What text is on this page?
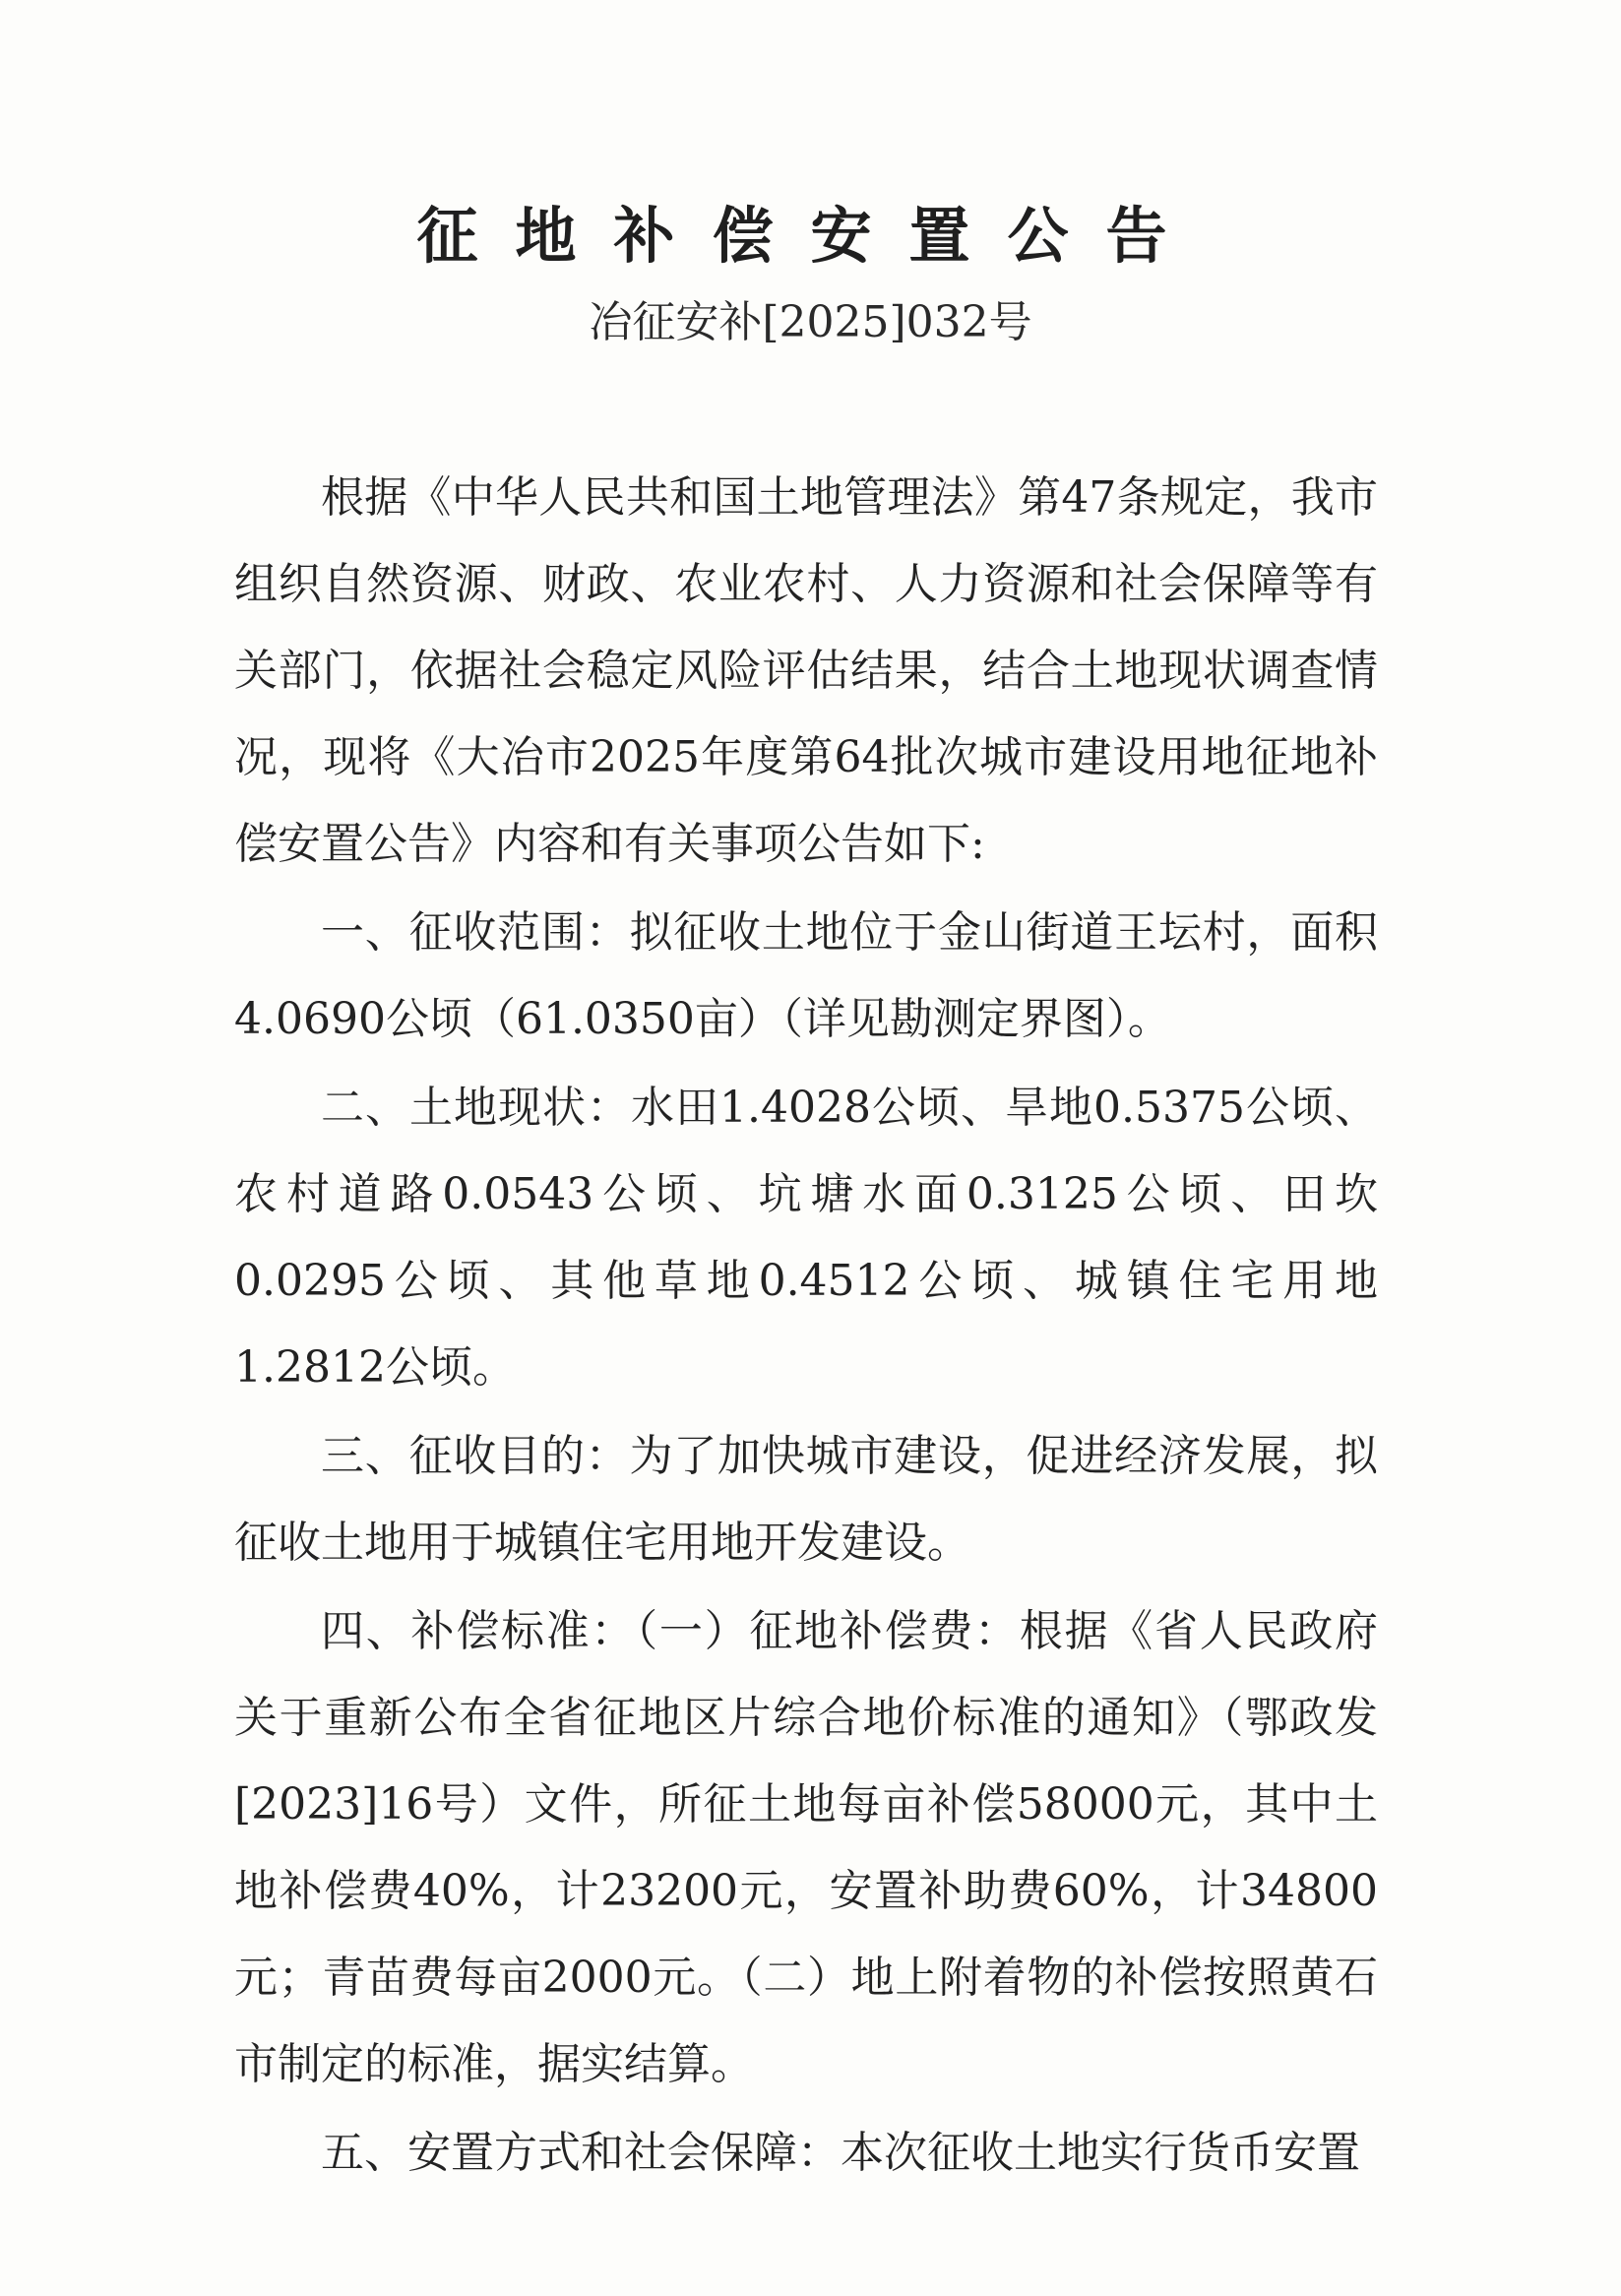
征地补偿安置公告
冶征安补[2025]032号

根据《中华人民共和国土地管理法》第47条规定，我市组织自然资源、财政、农业农村、人力资源和社会保障等有关部门，依据社会稳定风险评估结果，结合土地现状调查情况，现将《大冶市2025年度第64批次城市建设用地征地补偿安置公告》内容和有关事项公告如下:

一、征收范围：拟征收土地位于金山街道王坛村，面积4.0690公顷（61.0350亩）（详见勘测定界图）。

二、土地现状：水田1.4028公顷、旱地0.5375公顷、农村道路0.0543公顷、坑塘水面0.3125公顷、田坎0.0295公顷、其他草地0.4512公顷、城镇住宅用地1.2812公顷。

三、征收目的：为了加快城市建设，促进经济发展，拟征收土地用于城镇住宅用地开发建设。

四、补偿标准：（一）征地补偿费：根据《省人民政府关于重新公布全省征地区片综合地价标准的通知》（鄂政发[2023]16号）文件，所征土地每亩补偿58000元，其中土地补偿费40%，计23200元，安置补助费60%，计34800元；青苗费每亩2000元。（二）地上附着物的补偿按照黄石市制定的标准，据实结算。

五、安置方式和社会保障：本次征收土地实行货币安置
